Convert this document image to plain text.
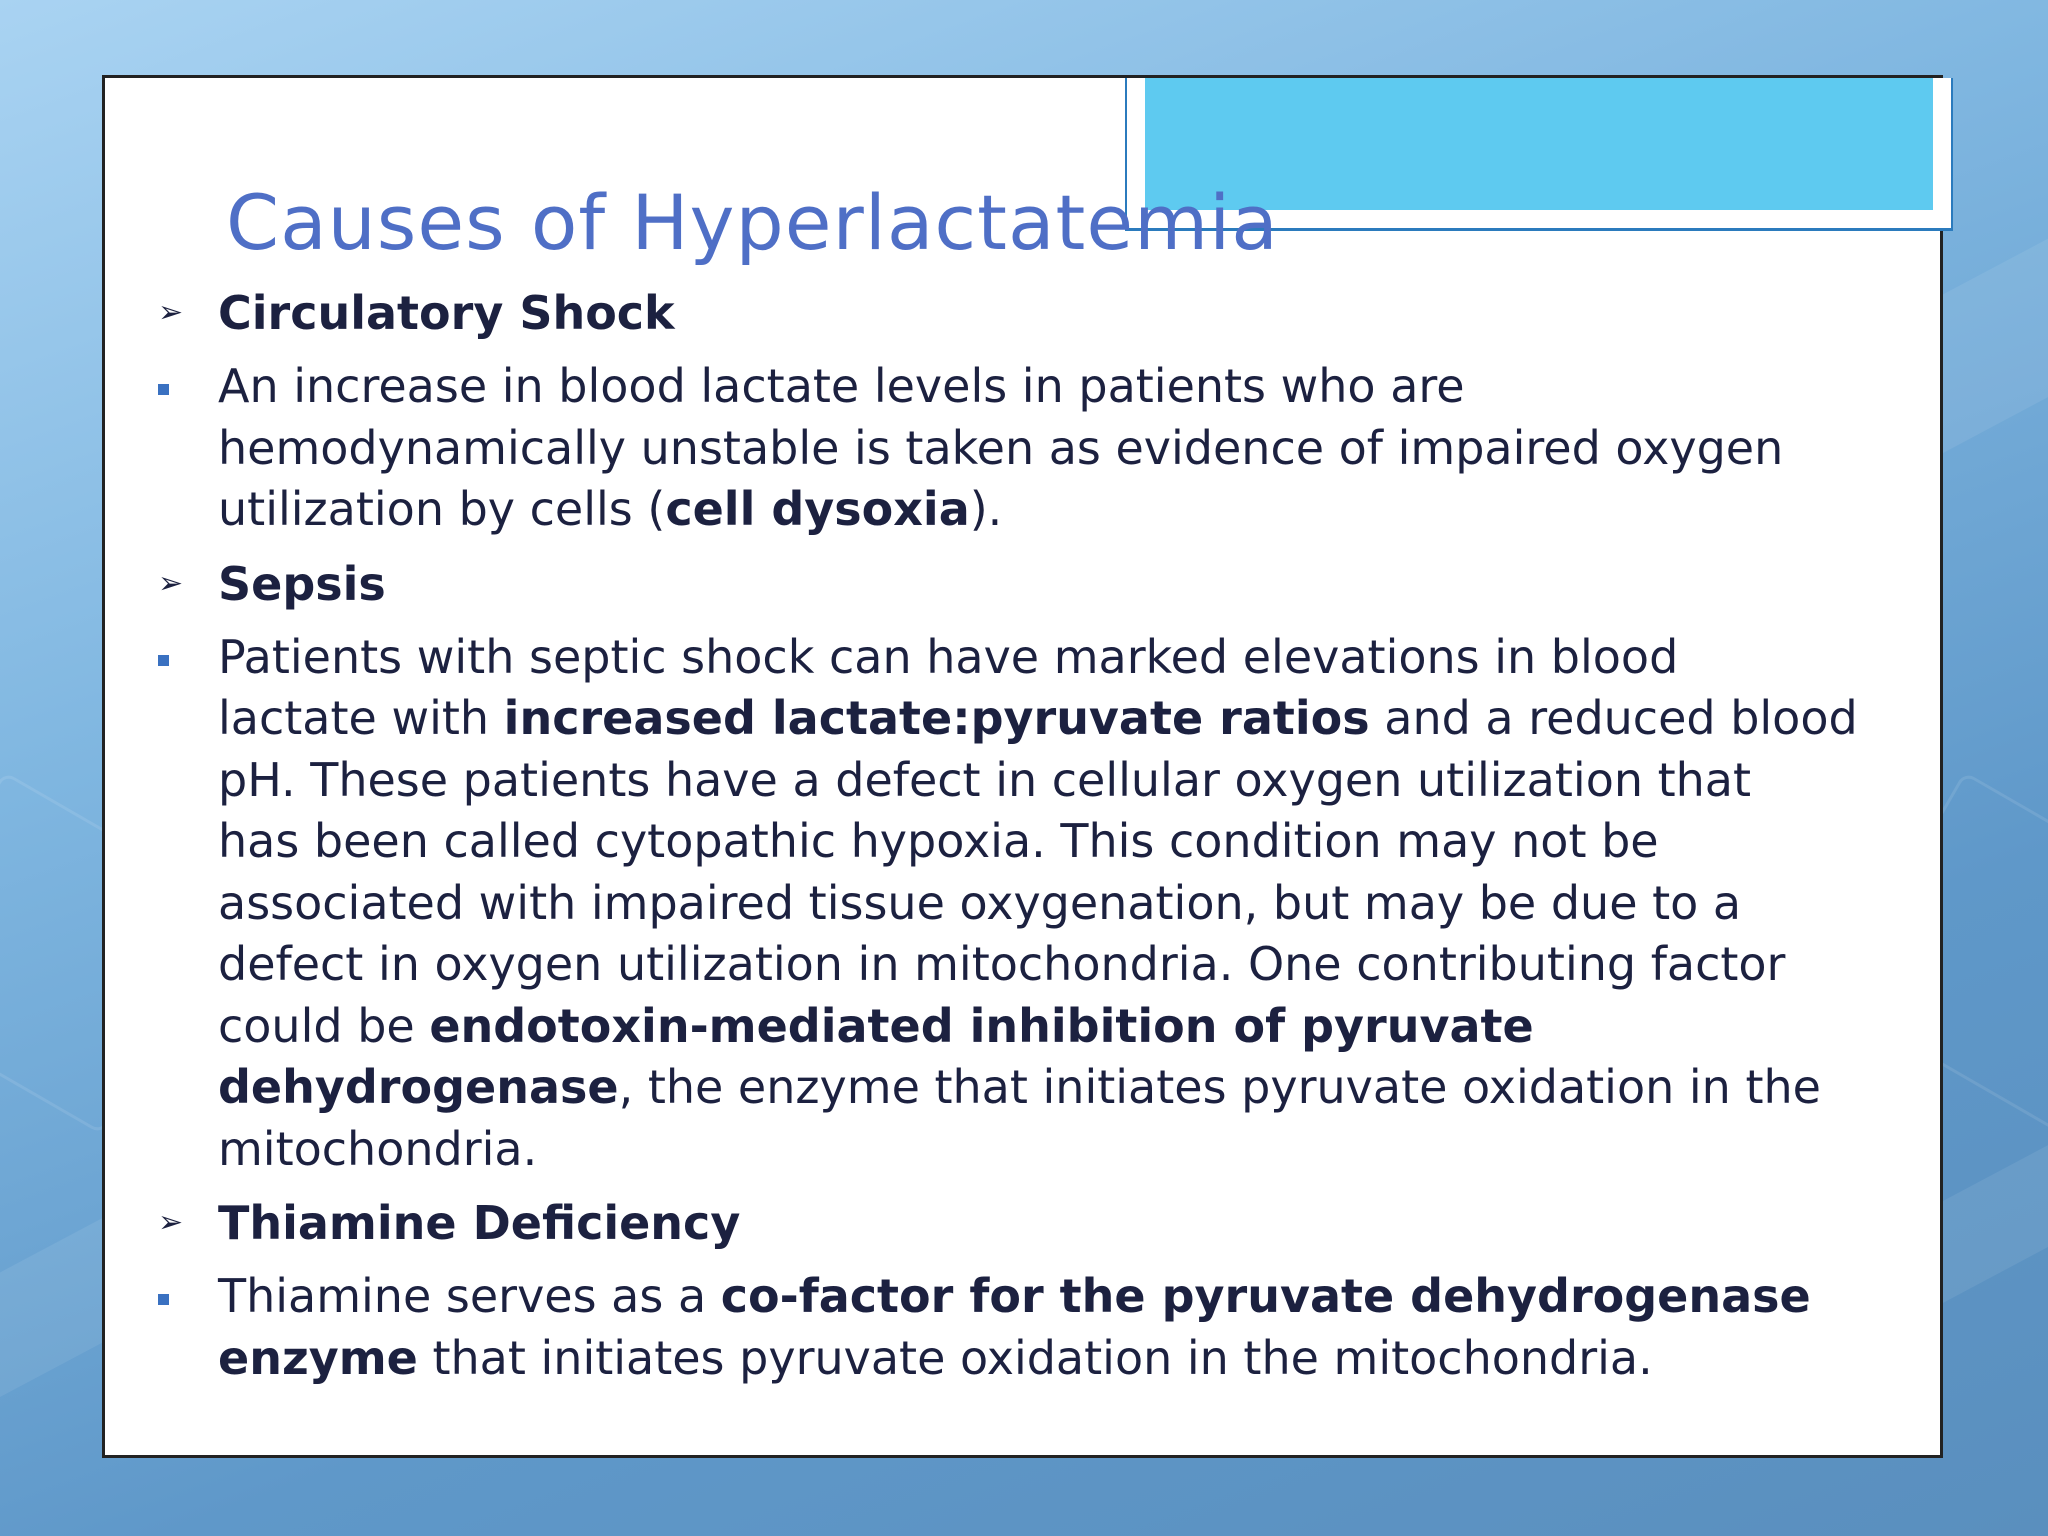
Causes of Hyperlactatemia
➢ Circulatory Shock
An increase in blood lactate levels in patients who are
hemodynamically unstable is taken as evidence of impaired oxygen
utilization by cells (cell dysoxia).
➢ Sepsis
Patients with septic shock can have marked elevations in blood
lactate with increased lactate:pyruvate ratios and a reduced blood
pH. These patients have a defect in cellular oxygen utilization that
has been called cytopathic hypoxia. This condition may not be
associated with impaired tissue oxygenation, but may be due to a
defect in oxygen utilization in mitochondria. One contributing factor
could be endotoxin-mediated inhibition of pyruvate
dehydrogenase, the enzyme that initiates pyruvate oxidation in the
mitochondria.
➢ Thiamine Deficiency
Thiamine serves as a co-factor for the pyruvate dehydrogenase
enzyme that initiates pyruvate oxidation in the mitochondria.
